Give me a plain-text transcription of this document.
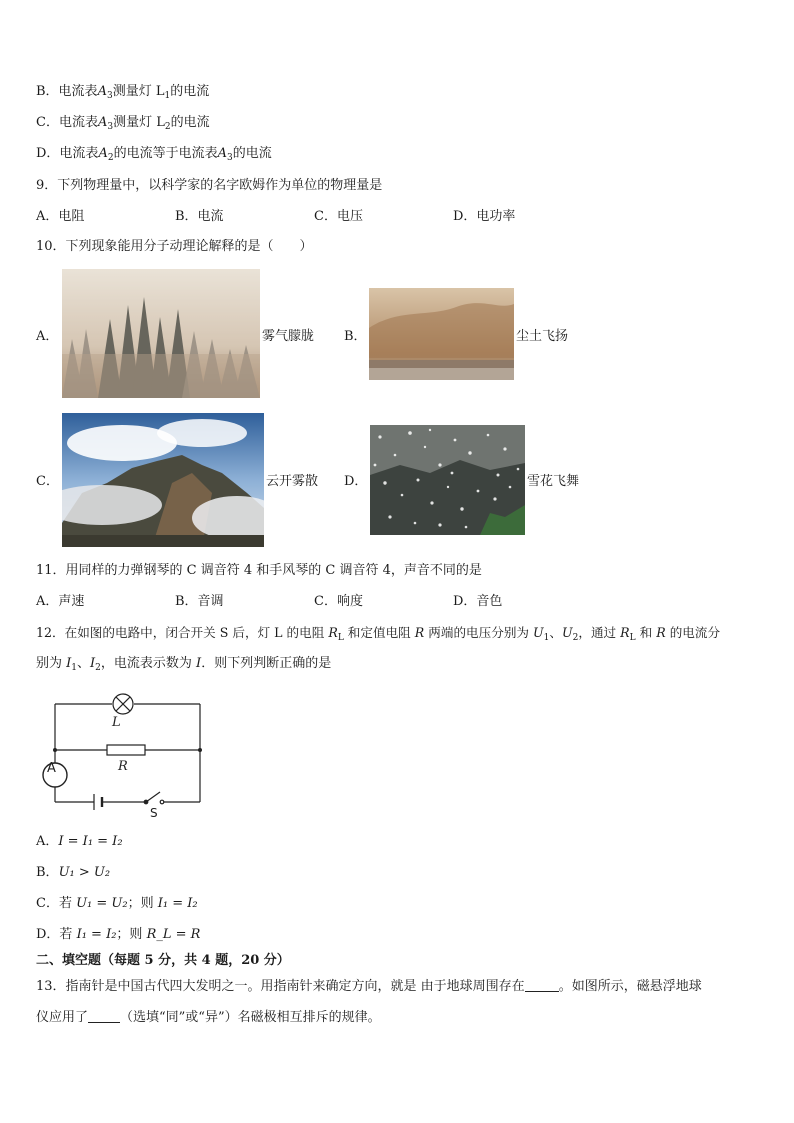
B．电流表$A_3$测量灯 $L_1$的电流
C．电流表$A_3$测量灯 $L_2$的电流
D．电流表$A_2$的电流等于电流表$A_3$的电流
9．下列物理量中，以科学家的名字欧姆作为单位的物理量是
A．电阻	B．电流	C．电压	D．电功率
10．下列现象能用分子动理论解释的是（　　）
A．	雾气朦胧 B．	尘土飞扬
C．	云开雾散 D．	雪花飞舞
11．用同样的力弹钢琴的 C 调音符 4 和手风琴的 C 调音符 4，声音不同的是
A．声速	B．音调	C．响度	D．音色
12．在如图的电路中，闭合开关 S 后，灯 L 的电阻 $R_L$ 和定值电阻 R 两端的电压分别为 $U_1$、$U_2$，通过 $R_L$ 和 R 的电流分
别为 $I_1$、$I_2$，电流表示数为 I．则下列判断正确的是
L
R
A
S
A．I = I₁ = I₂
B．U₁ > U₂
C．若 U₁ = U₂；则 I₁ = I₂
D．若 I₁ = I₂；则 R_L = R
二、填空题（每题 5 分，共 4 题，20 分）
13．指南针是中国古代四大发明之一。用指南针来确定方向，就是 由于地球周围存在	。如图所示，磁悬浮地球
仪应用了 （选填“同”或“异”）名磁极相互排斥的规律。
